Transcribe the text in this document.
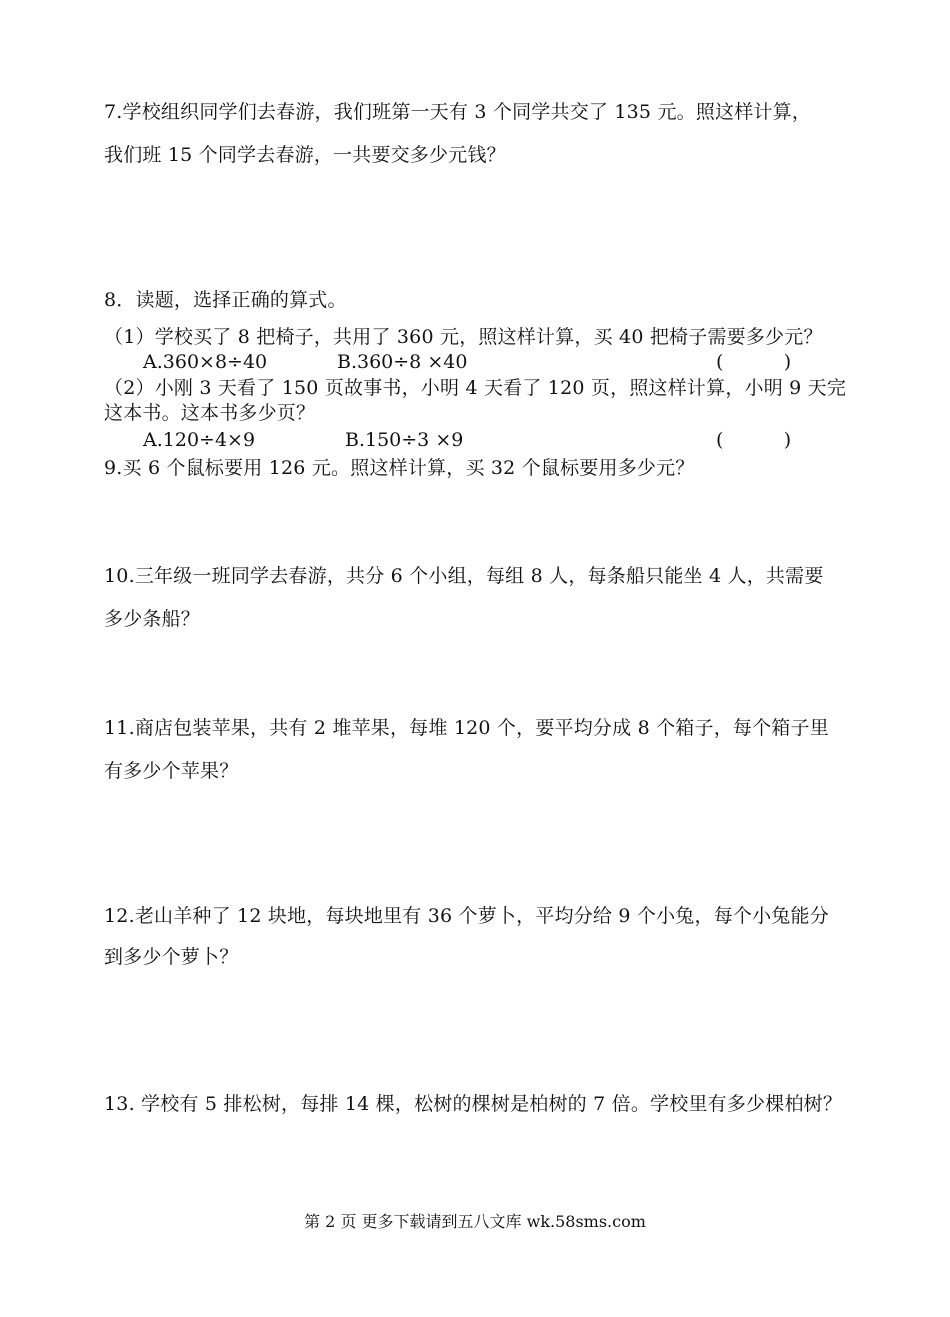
7.学校组织同学们去春游，我们班第一天有 3 个同学共交了 135 元。照这样计算，
我们班 15 个同学去春游，一共要交多少元钱？
8．读题，选择正确的算式。
（1）学校买了 8 把椅子，共用了 360 元，照这样计算，买 40 把椅子需要多少元？
A.360×8÷40	B.360÷8 ×40	(          )
（2）小刚 3 天看了 150 页故事书，小明 4 天看了 120 页，照这样计算，小明 9 天完
这本书。这本书多少页？
A.120÷4×9	B.150÷3 ×9	(          )
9.买 6 个鼠标要用 126 元。照这样计算，买 32 个鼠标要用多少元？
10.三年级一班同学去春游，共分 6 个小组，每组 8 人，每条船只能坐 4 人，共需要
多少条船？
11.商店包装苹果，共有 2 堆苹果，每堆 120 个，要平均分成 8 个箱子，每个箱子里
有多少个苹果？
12.老山羊种了 12 块地，每块地里有 36 个萝卜，平均分给 9 个小兔，每个小兔能分
到多少个萝卜？
13. 学校有 5 排松树，每排 14 棵，松树的棵树是柏树的 7 倍。学校里有多少棵柏树？
第 2 页 更多下载请到五八文库 wk.58sms.com
